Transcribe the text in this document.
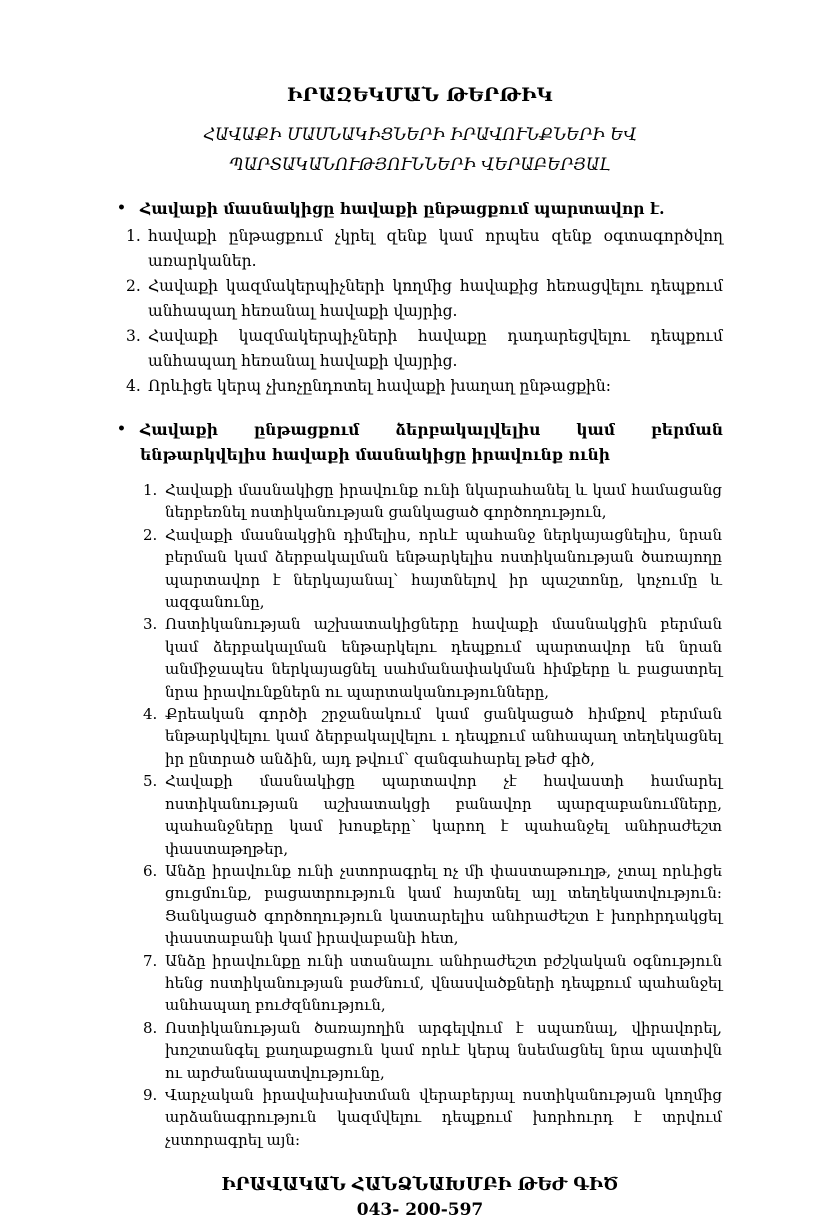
ԻՐԱԶԵԿՄԱՆ ԹԵՐԹԻԿ
ՀԱՎԱՔԻ ՄԱՍՆԱԿԻՑՆԵՐԻ ԻՐԱՎՈՒՆՔՆԵՐԻ ԵՎ ՊԱՐՏԱԿԱՆՈՒԹՅՈՒՆՆԵՐԻ ՎԵՐԱԲԵՐՅԱԼ
• Հավաքի մասնակիցը հավաքի ընթացքում պարտավոր է.
1. հավաքի ընթացքում չկրել զենք կամ որպես զենք օգտագործվող առարկաներ.
2. Հավաքի կազմակերպիչների կողմից հավաքից հեռացվելու դեպքում անհապաղ հեռանալ հավաքի վայրից.
3. Հավաքի կազմակերպիչների հավաքը դադարեցվելու դեպքում անհապաղ հեռանալ հավաքի վայրից.
4. Որևիցե կերպ չխոչընդոտել հավաքի խաղաղ ընթացքին:
• Հավաքի ընթացքում ձերբակալվելիս կամ բերման ենթարկվելիս հավաքի մասնակիցը իրավունք ունի
1. Հավաքի մասնակիցը իրավունք ունի նկարահանել և կամ համացանց ներբեռնել ոստիկանության ցանկացած գործողություն,
2. Հավաքի մասնակցին դիմելիս, որևէ պահանջ ներկայացնելիս, նրան բերման կամ ձերբակալման ենթարկելիս ոստիկանության ծառայողը պարտավոր է ներկայանալ՝ հայտնելով իր պաշտոնը, կոչումը և ազգանունը,
3. Ոստիկանության աշխատակիցները հավաքի մասնակցին բերման կամ ձերբակալման ենթարկելու դեպքում պարտավոր են նրան անմիջապես ներկայացնել սահմանափակման հիմքերը և բացատրել նրա իրավունքներն ու պարտականությունները,
4. Քրեական գործի շրջանակում կամ ցանկացած հիմքով բերման ենթարկվելու կամ ձերբակալվելու ւ դեպքում անհապաղ տեղեկացնել իր ընտրած անձին, այդ թվում՝ զանգահարել թեժ գիծ,
5. Հավաքի մասնակիցը պարտավոր չէ հավաստի համարել ոստիկանության աշխատակցի բանավոր պարզաբանումները, պահանջները կամ խոսքերը՝ կարող է պահանջել անհրաժեշտ փաստաթղթեր,
6. Անձը իրավունք ունի չստորագրել ոչ մի փաստաթուղթ, չտալ որևիցե ցուցմունք, բացատրություն կամ հայտնել այլ տեղեկատվություն: Ցանկացած գործողություն կատարելիս անհրաժեշտ է խորհրդակցել փաստաբանի կամ իրավաբանի հետ,
7. Անձը իրավունքը ունի ստանալու անհրաժեշտ բժշկական օգնություն հենց ոստիկանության բաժնում, վնասվածքների դեպքում պահանջել անհապաղ բուժզննություն,
8. Ոստիկանության ծառայողին արգելվում է սպառնալ, վիրավորել, խոշտանգել քաղաքացուն կամ որևէ կերպ նսեմացնել նրա պատիվն ու արժանապատվությունը,
9. Վարչական իրավախախտման վերաբերյալ ոստիկանության կողմից արձանագրություն կազմվելու դեպքում խորհուրդ է տրվում չստորագրել այն:
ԻՐԱՎԱԿԱՆ ՀԱՆՁՆԱԽՄԲԻ ԹԵԺ ԳԻԾ
043- 200-597
